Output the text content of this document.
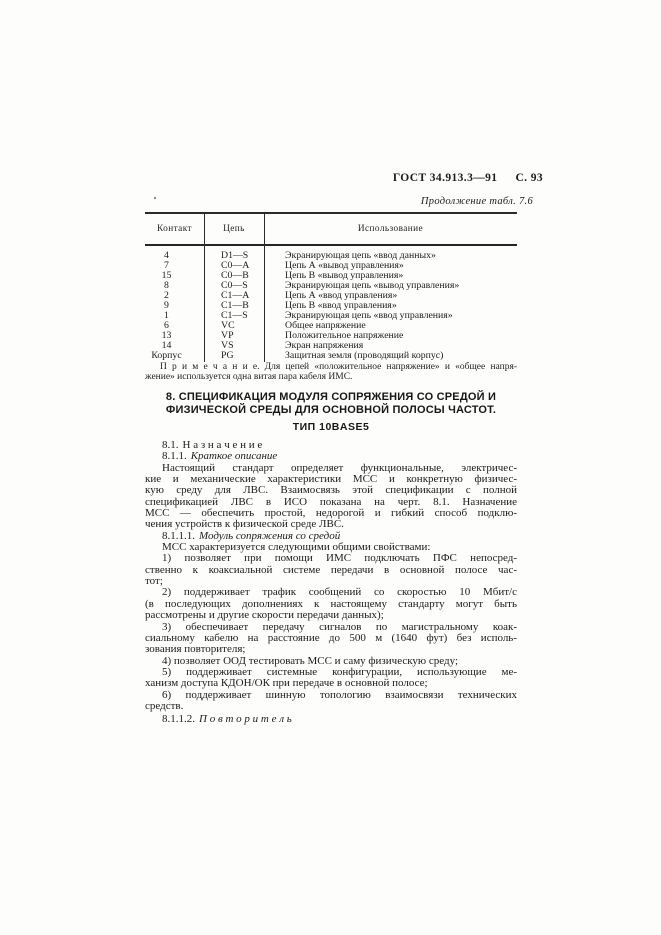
ГОСТ 34.913.3—91 С. 93
Продолжение табл. 7.6
Контакт	Цепь	Использование
4	D1—S	Экранирующая цепь «ввод данных»
7	C0—A	Цепь А «вывод управления»
15	C0—B	Цепь В «вывод управления»
8	C0—S	Экранирующая цепь «вывод управления»
2	C1—A	Цепь А «ввод управления»
9	C1—B	Цепь В «ввод управления»
1	C1—S	Экранирующая цепь «ввод управления»
6	VC	Общее напряжение
13	VP	Положительное напряжение
14	VS	Экран напряжения
Корпус	PG	Защитная земля (проводящий корпус)
П р и м е ч а н и е. Для цепей «положительное напряжение» и «общее напря-
жение» используется одна витая пара кабеля ИМС.
8. СПЕЦИФИКАЦИЯ МОДУЛЯ СОПРЯЖЕНИЯ СО СРЕДОЙ И
ФИЗИЧЕСКОЙ СРЕДЫ ДЛЯ ОСНОВНОЙ ПОЛОСЫ ЧАСТОТ.
ТИП 10BASE5
8.1. Н а з н а ч е н и е
8.1.1. Краткое описание
Настоящий стандарт определяет функциональные, электричес-
кие и механические характеристики МСС и конкретную физичес-
кую среду для ЛВС. Взаимосвязь этой спецификации с полной
спецификацией ЛВС в ИСО показана на черт. 8.1. Назначение
МСС — обеспечить простой, недорогой и гибкий способ подклю-
чения устройств к физической среде ЛВС.
8.1.1.1. Модуль сопряжения со средой
МСС характеризуется следующими общими свойствами:
1) позволяет при помощи ИМС подключать ПФС непосред-
ственно к коаксиальной системе передачи в основной полосе час-
тот;
2) поддерживает трафик сообщений со скоростью 10 Мбит/с
(в последующих дополнениях к настоящему стандарту могут быть
рассмотрены и другие скорости передачи данных);
3) обеспечивает передачу сигналов по магистральному коак-
сиальному кабелю на расстояние до 500 м (1640 фут) без исполь-
зования повторителя;
4) позволяет ООД тестировать МСС и саму физическую среду;
5) поддерживает системные конфигурации, использующие ме-
ханизм доступа КДОН/ОК при передаче в основной полосе;
6) поддерживает шинную топологию взаимосвязи технических
средств.
8.1.1.2. П о в т о р и т е л ь
